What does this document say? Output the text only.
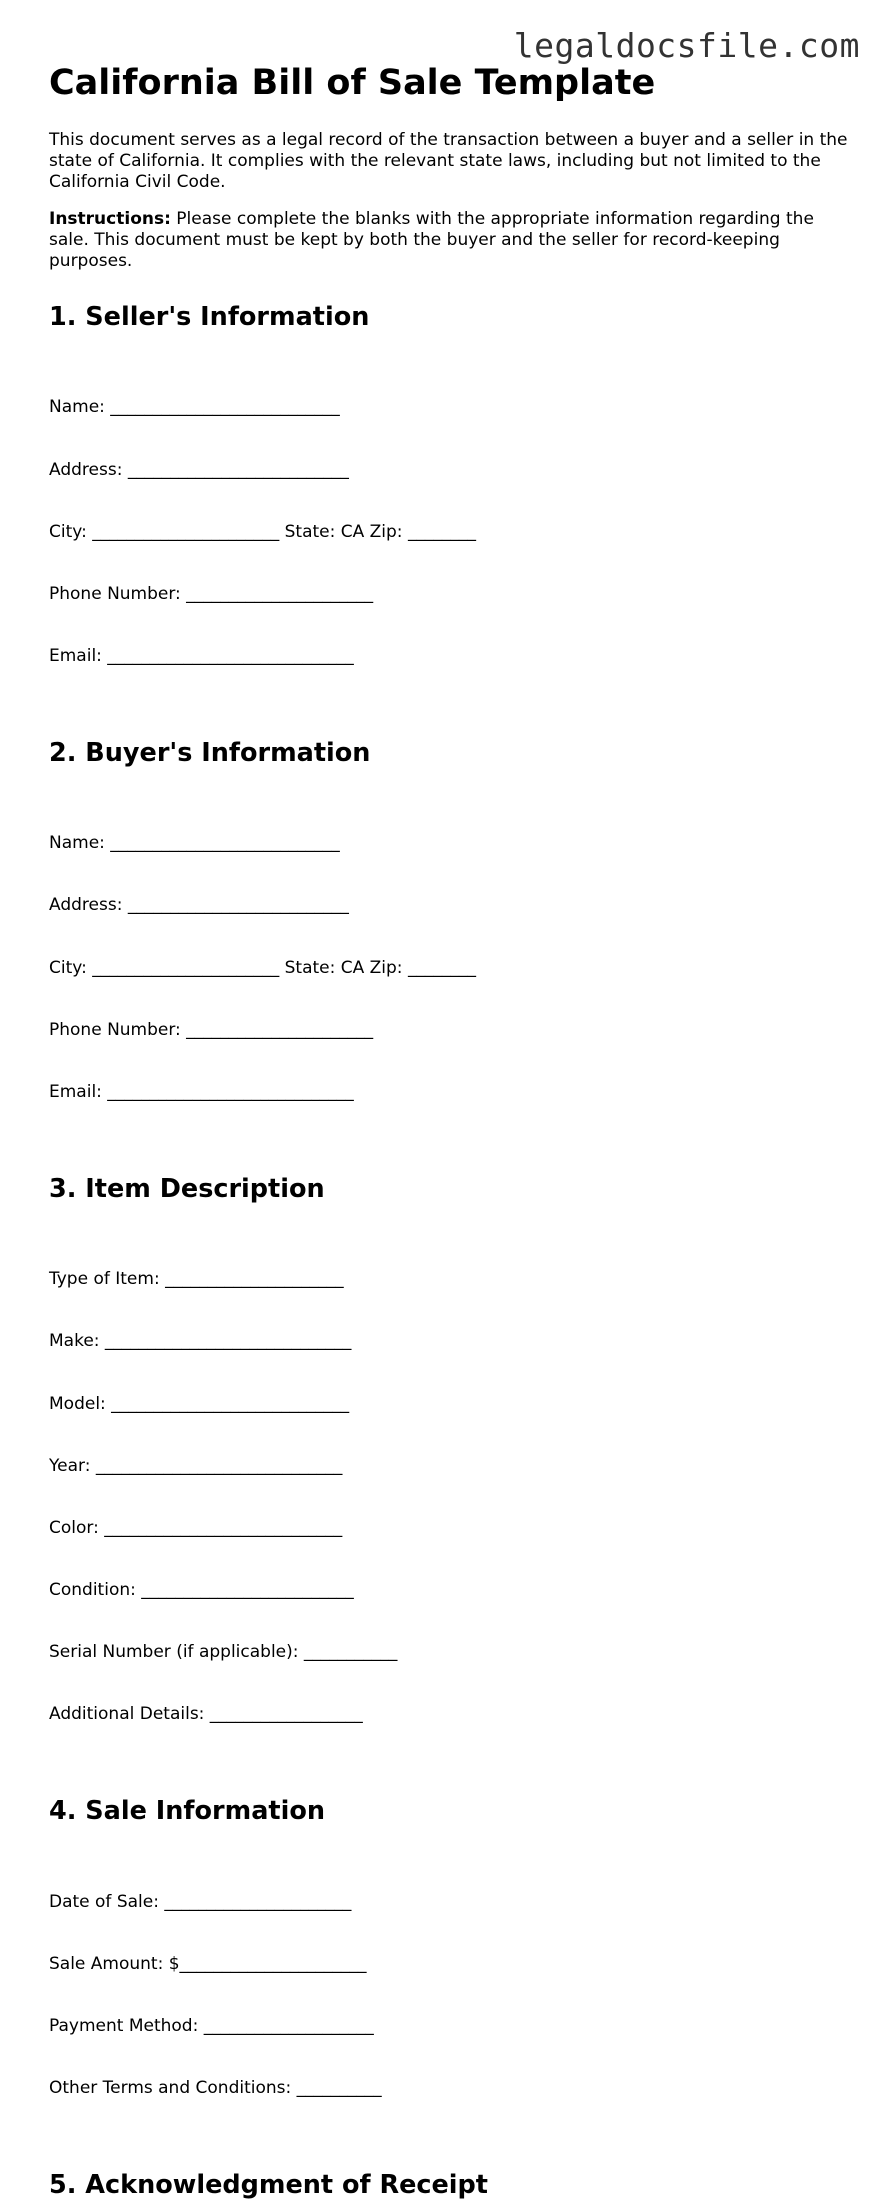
legaldocsfile.com
California Bill of Sale Template

This document serves as a legal record of the transaction between a buyer and a seller in the state of California. It complies with the relevant state laws, including but not limited to the California Civil Code.

Instructions: Please complete the blanks with the appropriate information regarding the sale. This document must be kept by both the buyer and the seller for record-keeping purposes.

1. Seller's Information

Name: ___________________________

Address: __________________________

City: ______________________ State: CA Zip: ________

Phone Number: ______________________

Email: _____________________________

2. Buyer's Information

Name: ___________________________

Address: __________________________

City: ______________________ State: CA Zip: ________

Phone Number: ______________________

Email: _____________________________

3. Item Description

Type of Item: _____________________

Make: _____________________________

Model: ____________________________

Year: _____________________________

Color: ____________________________

Condition: _________________________

Serial Number (if applicable): ___________

Additional Details: __________________

4. Sale Information

Date of Sale: ______________________

Sale Amount: $______________________

Payment Method: ____________________

Other Terms and Conditions: __________

5. Acknowledgment of Receipt
